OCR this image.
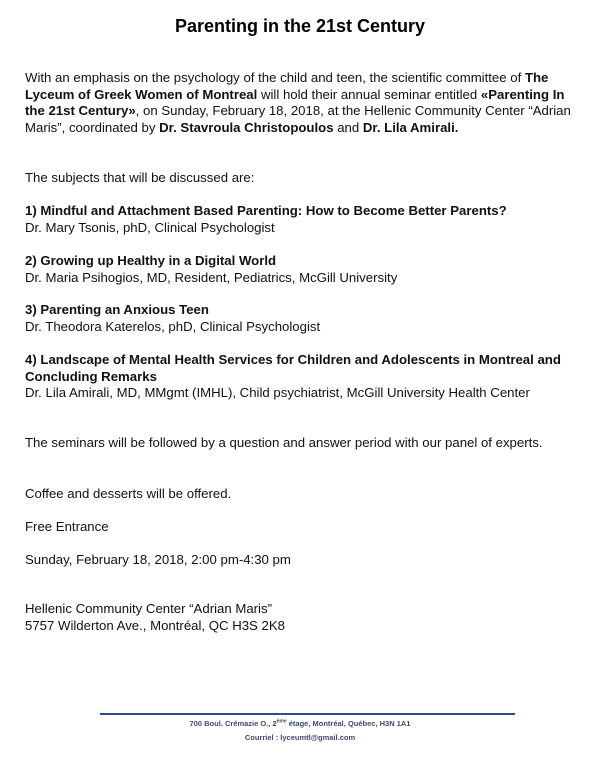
Parenting in the 21st Century
With an emphasis on the psychology of the child and teen, the scientific committee of The Lyceum of Greek Women of Montreal will hold their annual seminar entitled «Parenting In the 21st Century», on Sunday, February 18, 2018, at the Hellenic Community Center “Adrian Maris”, coordinated by Dr. Stavroula Christopoulos and Dr. Lila Amirali.
The subjects that will be discussed are:
1) Mindful and Attachment Based Parenting: How to Become Better Parents?
Dr. Mary Tsonis, phD, Clinical Psychologist
2) Growing up Healthy in a Digital World
Dr. Maria Psihogios, MD, Resident, Pediatrics, McGill University
3) Parenting an Anxious Teen
Dr. Theodora Katerelos, phD, Clinical Psychologist
4) Landscape of Mental Health Services for Children and Adolescents in Montreal and Concluding Remarks
Dr. Lila Amirali, MD, MMgmt (IMHL), Child psychiatrist, McGill University Health Center
The seminars will be followed by a question and answer period with our panel of experts.
Coffee and desserts will be offered.
Free Entrance
Sunday, February 18, 2018, 2:00 pm-4:30 pm
Hellenic Community Center “Adrian Maris”
5757 Wilderton Ave., Montréal, QC H3S 2K8
700 Boul. Crémazie O., 2ème étage, Montréal, Québec, H3N 1A1
Courriel : lyceumtl@gmail.com
